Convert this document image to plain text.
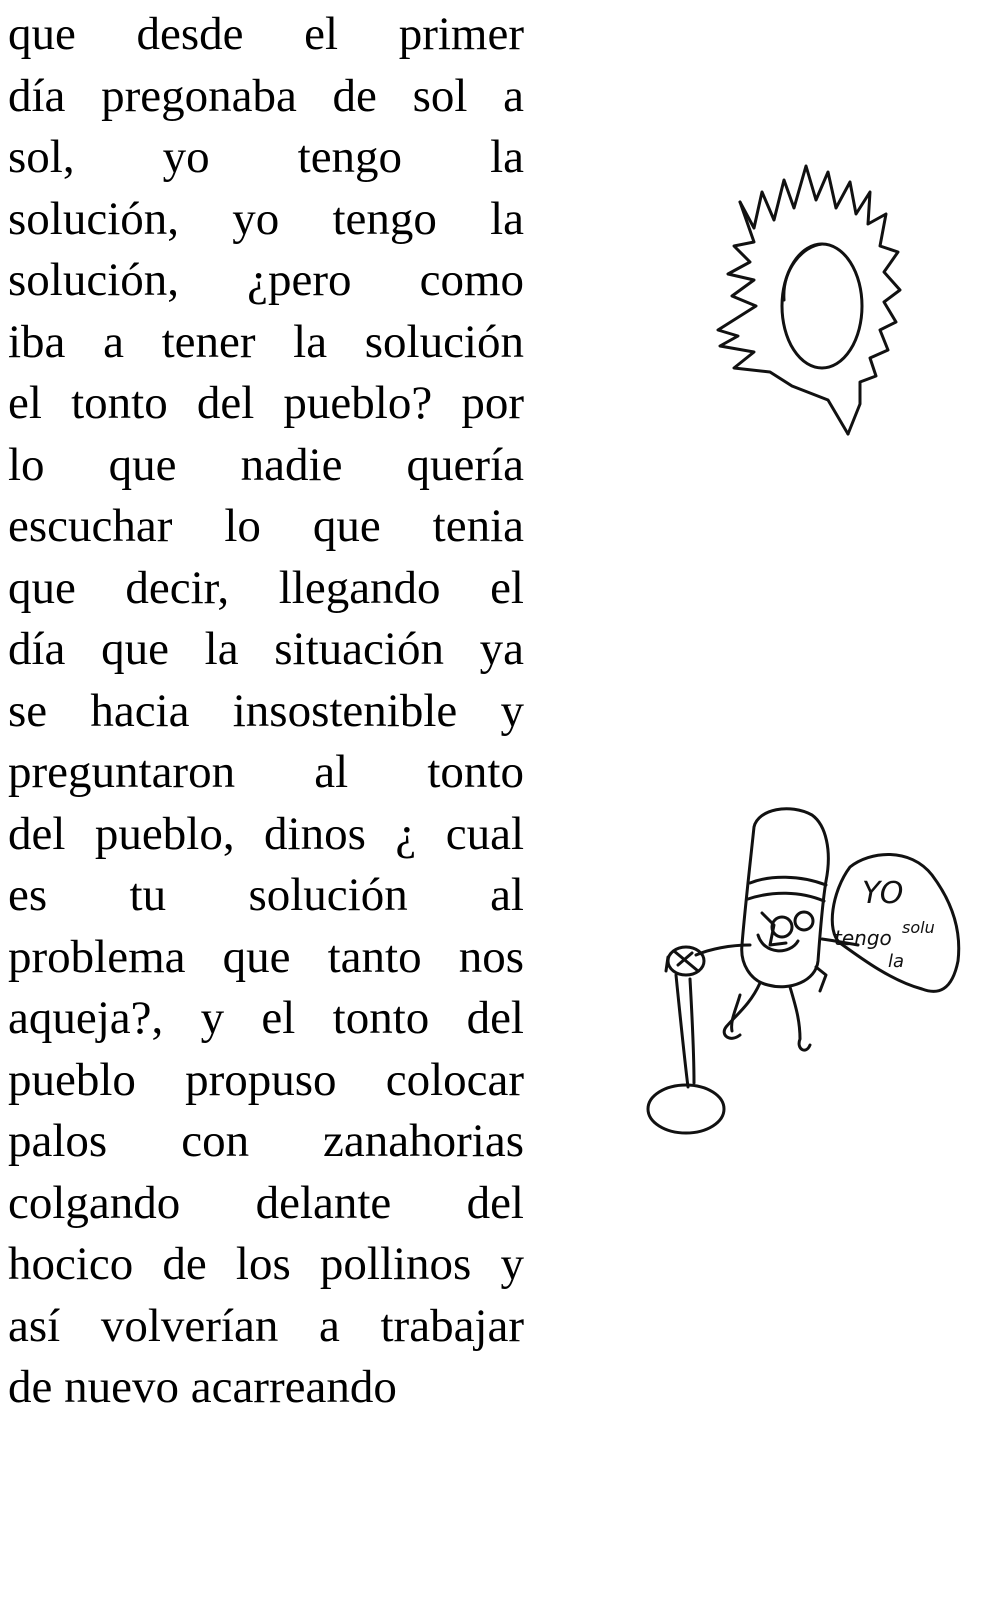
que desde el primer
día pregonaba de sol a
sol, yo tengo la
solución, yo tengo la
solución, ¿pero como
iba a tener la solución
el tonto del pueblo? por
lo que nadie quería
escuchar lo que tenia
que decir, llegando el
día que la situación ya
se hacia insostenible y
preguntaron al tonto
del pueblo, dinos ¿ cual
es tu solución al
problema que tanto nos
aqueja?, y el tonto del
pueblo propuso colocar
palos con zanahorias
colgando delante del
hocico de los pollinos y
así volverían a trabajar
de nuevo acarreando
YO
tengo
la
solu
